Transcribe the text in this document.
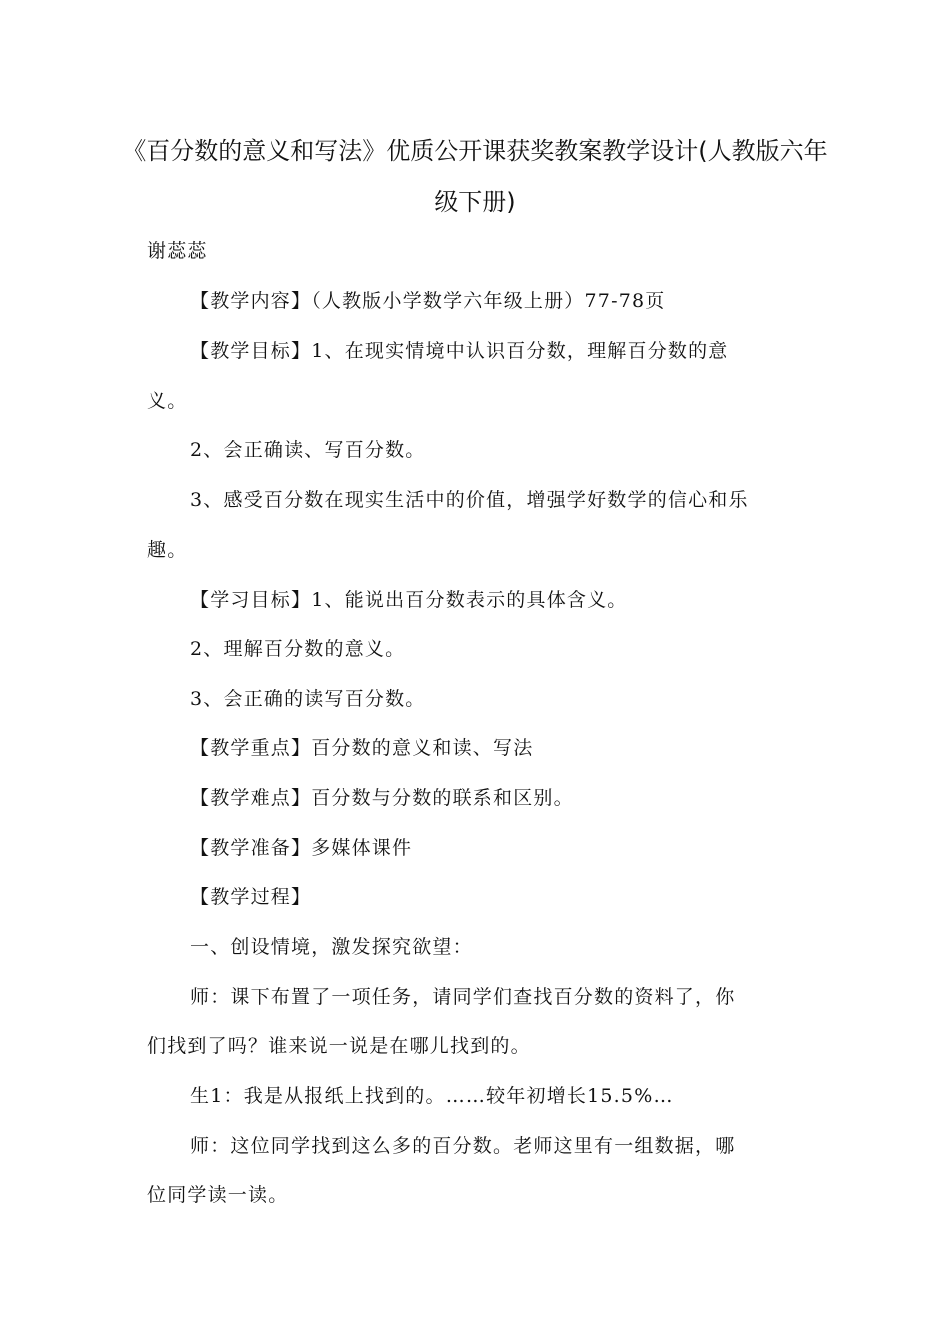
《百分数的意义和写法》优质公开课获奖教案教学设计(人教版六年
级下册)
谢蕊蕊
【教学内容】（人教版小学数学六年级上册）77-78页
【教学目标】1、在现实情境中认识百分数，理解百分数的意
义。
2、会正确读、写百分数。
3、感受百分数在现实生活中的价值，增强学好数学的信心和乐
趣。
【学习目标】1、能说出百分数表示的具体含义。
2、理解百分数的意义。
3、会正确的读写百分数。
【教学重点】百分数的意义和读、写法
【教学难点】百分数与分数的联系和区别。
【教学准备】多媒体课件
【教学过程】
一、创设情境，激发探究欲望：
师：课下布置了一项任务，请同学们查找百分数的资料了，你
们找到了吗？谁来说一说是在哪儿找到的。
生1：我是从报纸上找到的。……较年初增长15.5%…
师：这位同学找到这么多的百分数。老师这里有一组数据，哪
位同学读一读。
